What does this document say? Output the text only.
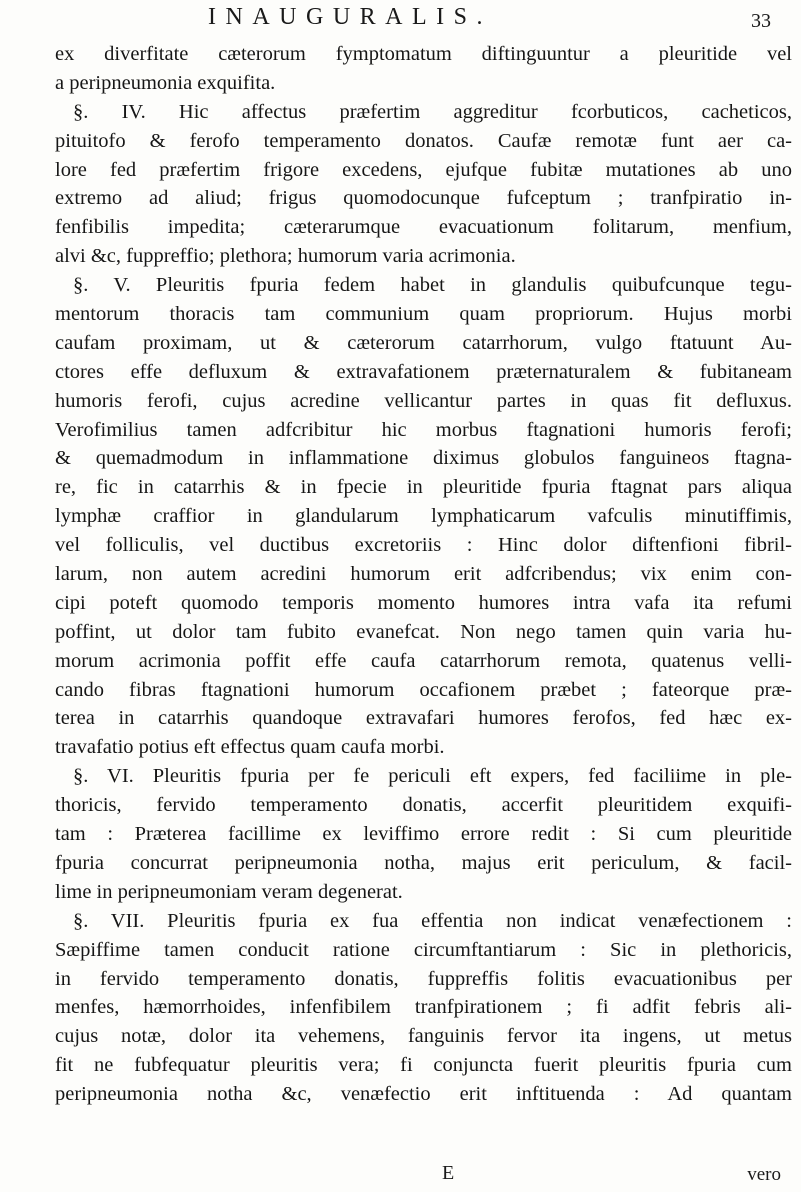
INAUGURALIS.	33
ex diverfitate cæterorum fymptomatum diftinguuntur a pleuritide vel
a peripneumonia exquifita.
§. IV. Hic affectus præfertim aggreditur fcorbuticos, cacheticos,
pituitofo & ferofo temperamento donatos. Caufæ remotæ funt aer ca-
lore fed præfertim frigore excedens, ejufque fubitæ mutationes ab uno
extremo ad aliud; frigus quomodocunque fufceptum ; tranfpiratio in-
fenfibilis impedita; cæterarumque evacuationum folitarum, menfium,
alvi &c, fuppreffio; plethora; humorum varia acrimonia.
§. V. Pleuritis fpuria fedem habet in glandulis quibufcunque tegu-
mentorum thoracis tam communium quam propriorum. Hujus morbi
caufam proximam, ut & cæterorum catarrhorum, vulgo ftatuunt Au-
ctores effe defluxum & extravafationem præternaturalem & fubitaneam
humoris ferofi, cujus acredine vellicantur partes in quas fit defluxus.
Verofimilius tamen adfcribitur hic morbus ftagnationi humoris ferofi;
& quemadmodum in inflammatione diximus globulos fanguineos ftagna-
re, fic in catarrhis & in fpecie in pleuritide fpuria ftagnat pars aliqua
lymphæ craffior in glandularum lymphaticarum vafculis minutiffimis,
vel folliculis, vel ductibus excretoriis : Hinc dolor diftenfioni fibril-
larum, non autem acredini humorum erit adfcribendus; vix enim con-
cipi poteft quomodo temporis momento humores intra vafa ita refumi
poffint, ut dolor tam fubito evanefcat. Non nego tamen quin varia hu-
morum acrimonia poffit effe caufa catarrhorum remota, quatenus velli-
cando fibras ftagnationi humorum occafionem præbet ; fateorque præ-
terea in catarrhis quandoque extravafari humores ferofos, fed hæc ex-
travafatio potius eft effectus quam caufa morbi.
§. VI. Pleuritis fpuria per fe periculi eft expers, fed faciliime in ple-
thoricis, fervido temperamento donatis, accerfit pleuritidem exquifi-
tam : Præterea facillime ex leviffimo errore redit : Si cum pleuritide
fpuria concurrat peripneumonia notha, majus erit periculum, & facil-
lime in peripneumoniam veram degenerat.
§. VII. Pleuritis fpuria ex fua effentia non indicat venæfectionem :
Sæpiffime tamen conducit ratione circumftantiarum : Sic in plethoricis,
in fervido temperamento donatis, fuppreffis folitis evacuationibus per
menfes, hæmorrhoides, infenfibilem tranfpirationem ; fi adfit febris ali-
cujus notæ, dolor ita vehemens, fanguinis fervor ita ingens, ut metus
fit ne fubfequatur pleuritis vera; fi conjuncta fuerit pleuritis fpuria cum
peripneumonia notha &c, venæfectio erit inftituenda : Ad quantam
E	vero
